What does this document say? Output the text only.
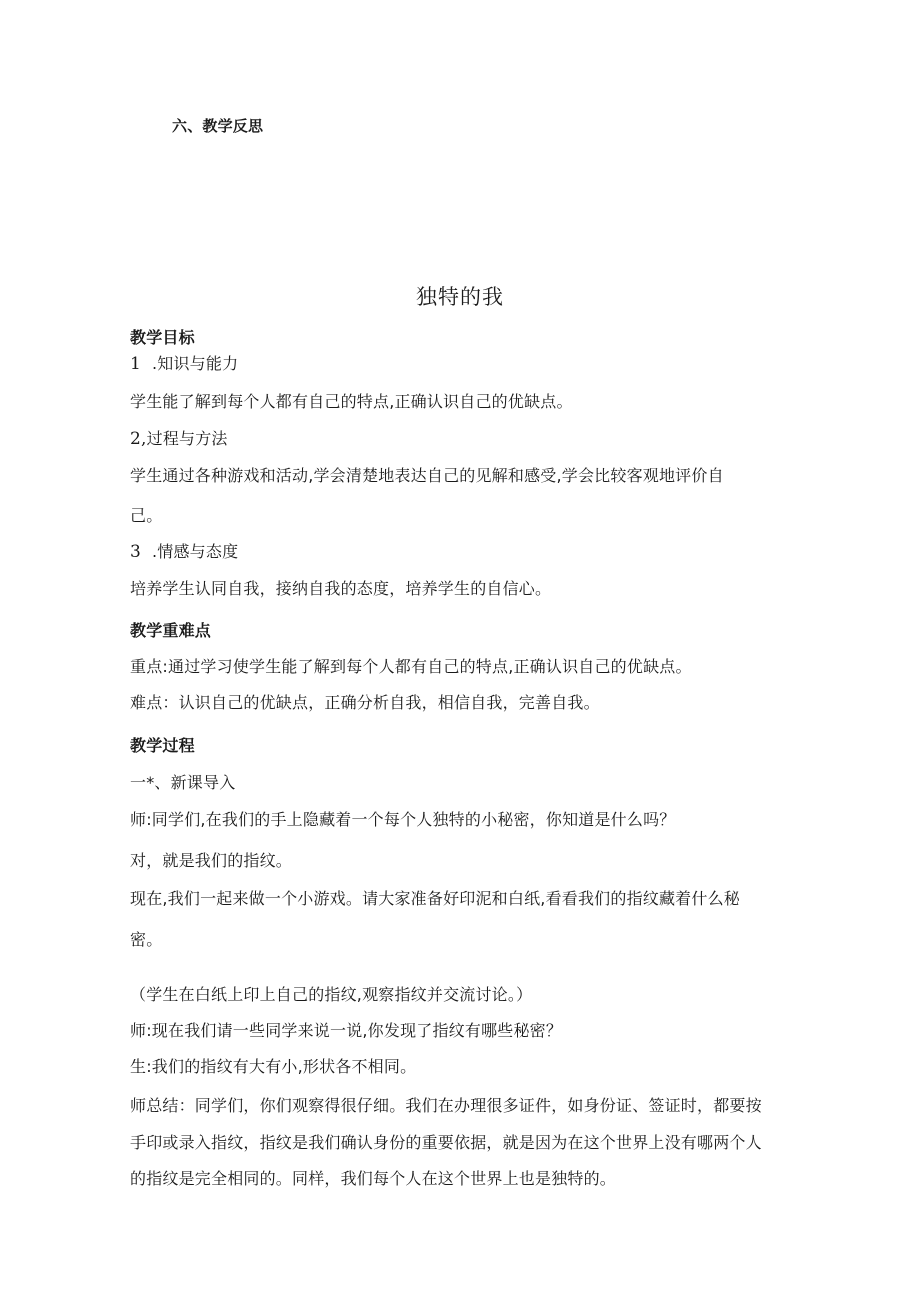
六、教学反思
独特的我
教学目标
1 .知识与能力
学生能了解到每个人都有自己的特点,正确认识自己的优缺点。
2,过程与方法
学生通过各种游戏和活动,学会清楚地表达自己的见解和感受,学会比较客观地评价自
己。
3 .情感与态度
培养学生认同自我，接纳自我的态度，培养学生的自信心。
教学重难点
重点:通过学习使学生能了解到每个人都有自己的特点,正确认识自己的优缺点。
难点：认识自己的优缺点，正确分析自我，相信自我，完善自我。
教学过程
一*、新课导入
师:同学们,在我们的手上隐藏着一个每个人独特的小秘密，你知道是什么吗？
对，就是我们的指纹。
现在,我们一起来做一个小游戏。请大家准备好印泥和白纸,看看我们的指纹藏着什么秘
密。
（学生在白纸上印上自己的指纹,观察指纹并交流讨论。）
师:现在我们请一些同学来说一说,你发现了指纹有哪些秘密？
生:我们的指纹有大有小,形状各不相同。
师总结：同学们，你们观察得很仔细。我们在办理很多证件，如身份证、签证时，都要按
手印或录入指纹，指纹是我们确认身份的重要依据，就是因为在这个世界上没有哪两个人
的指纹是完全相同的。同样，我们每个人在这个世界上也是独特的。
